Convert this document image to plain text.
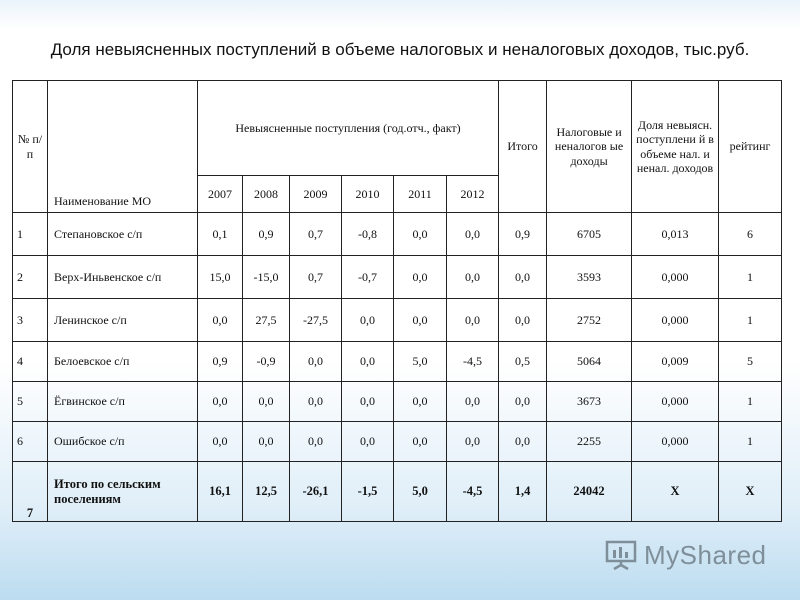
Доля невыясненных поступлений в объеме налоговых и неналоговых доходов, тыс.руб.
№ п/п	Наименование МО	Невыясненные поступления (год.отч., факт)						Итого	Налоговые и неналогов ые доходы	Доля невыясн. поступлени й в объеме нал. и ненал. доходов	рейтинг
		2007	2008	2009	2010	2011	2012				
1	Степановское с/п	0,1	0,9	0,7	-0,8	0,0	0,0	0,9	6705	0,013	6
2	Верх-Иньвенское с/п	15,0	-15,0	0,7	-0,7	0,0	0,0	0,0	3593	0,000	1
3	Ленинское с/п	0,0	27,5	-27,5	0,0	0,0	0,0	0,0	2752	0,000	1
4	Белоевское с/п	0,9	-0,9	0,0	0,0	5,0	-4,5	0,5	5064	0,009	5
5	Ёгвинское с/п	0,0	0,0	0,0	0,0	0,0	0,0	0,0	3673	0,000	1
6	Ошибское с/п	0,0	0,0	0,0	0,0	0,0	0,0	0,0	2255	0,000	1
7	Итого по сельским поселениям	16,1	12,5	-26,1	-1,5	5,0	-4,5	1,4	24042	Х	Х
MyShared
